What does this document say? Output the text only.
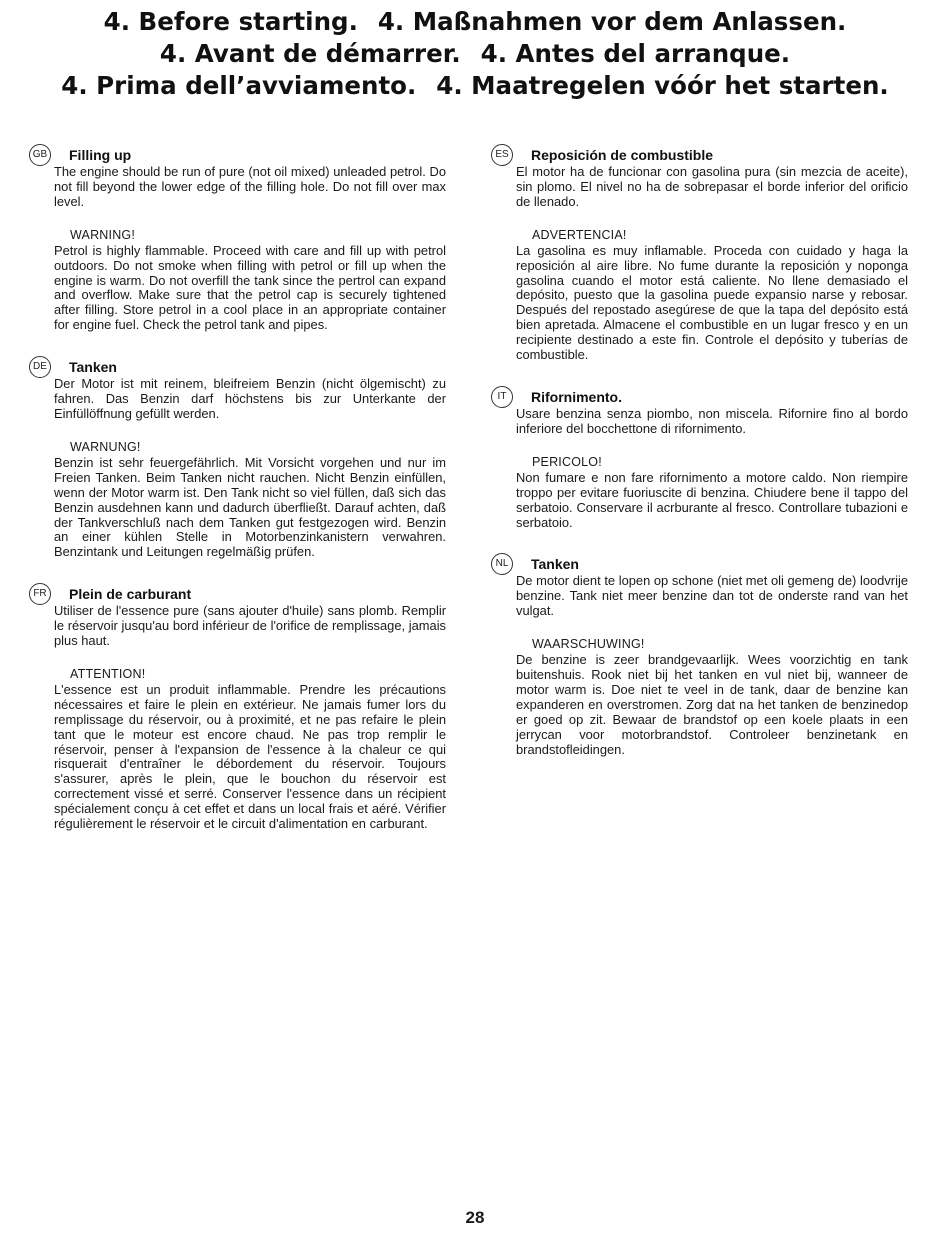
4. Before starting. 4. Maßnahmen vor dem Anlassen.
4. Avant de démarrer. 4. Antes del arranque.
4. Prima dell’avviamento. 4. Maatregelen vóór het starten.
GB Filling up

The engine should be run of pure (not oil mixed) unleaded petrol. Do not fill beyond the lower edge of the filling hole. Do not fill over max level.

WARNING!

Petrol is highly flammable. Proceed with care and fill up with petrol outdoors. Do not smoke when filling with petrol or fill up when the engine is warm. Do not overfill the tank since the pertrol can expand and overflow. Make sure that the petrol cap is securely tightened after filling. Store petrol in a cool place in an appropriate container for engine fuel. Check the petrol tank and pipes.

DE Tanken

Der Motor ist mit reinem, bleifreiem Benzin (nicht ölgemischt) zu fahren. Das Benzin darf höchstens bis zur Unterkante der Einfüllöffnung gefüllt werden.

WARNUNG!

Benzin ist sehr feuergefährlich. Mit Vorsicht vorgehen und nur im Freien Tanken. Beim Tanken nicht rauchen. Nicht Benzin einfüllen, wenn der Motor warm ist. Den Tank nicht so viel füllen, daß sich das Benzin ausdehnen kann und dadurch überfließt. Darauf achten, daß der Tankverschluß nach dem Tanken gut festgezogen wird. Benzin an einer kühlen Stelle in Motorbenzinkanistern verwahren. Benzintank und Leitungen regelmäßig prüfen.

FR	Plein de carburant

Utiliser de l'essence pure (sans ajouter d'huile) sans plomb. Remplir le réservoir jusqu'au bord inférieur de l'orifice de remplissage, jamais plus haut.

ATTENTION!

L'essence est un produit inflammable. Prendre les précautions nécessaires et faire le plein en extérieur. Ne jamais fumer lors du remplissage du réservoir, ou à proximité, et ne pas refaire le plein tant que le moteur est encore chaud. Ne pas trop remplir le réservoir, penser à l'expansion de l'essence à la chaleur ce qui risquerait d'entraîner le débordement du réservoir. Toujours s'assurer, après le plein, que le bouchon du réservoir est correctement vissé et serré. Conserver l'essence dans un récipient spécialement conçu à cet effet et dans un local frais et aéré. Vérifier régulièrement le réservoir et le circuit d'alimentation en carburant.

ES	Reposición de combustible

El motor ha de funcionar con gasolina pura (sin mezcia de aceite), sin plomo. El nivel no ha de sobrepasar el borde inferior del orificio de llenado.

ADVERTENCIA!

La gasolina es muy inflamable. Proceda con cuidado y haga la reposición al aire libre. No fume durante la reposición y noponga gasolina cuando el motor está caliente. No llene demasiado el depósito, puesto que la gasolina puede expansio narse y rebosar. Después del repostado asegúrese de que la tapa del depósito está bien apretada. Almacene el combustible en un lugar fresco y en un recipiente destinado a este fin. Controle el depósito y tuberías de combustible.

IT	Rifornimento.

Usare benzina senza piombo, non miscela. Rifornire fino al bordo inferiore del bocchettone di rifornimento.

PERICOLO!

Non fumare e non fare rifornimento a motore caldo. Non riempire troppo per evitare fuoriuscite di benzina. Chiudere bene il tappo del serbatoio. Conservare il acrburante al fresco. Controllare tubazioni e serbatoio.

NL	Tanken

De motor dient te lopen op schone (niet met oli gemeng de) loodvrije benzine. Tank niet meer benzine dan tot de onderste rand van het vulgat.

WAARSCHUWING!

De benzine is zeer brandgevaarlijk. Wees voorzichtig en tank buitenshuis. Rook niet bij het tanken en vul niet bij, wanneer de motor warm is. Doe niet te veel in de tank, daar de benzine kan expanderen en overstromen. Zorg dat na het tanken de benzinedop er goed op zit. Bewaar de brandstof op een koele plaats in een jerrycan voor motorbrandstof. Controleer benzinetank en brandstofleidingen.

28
